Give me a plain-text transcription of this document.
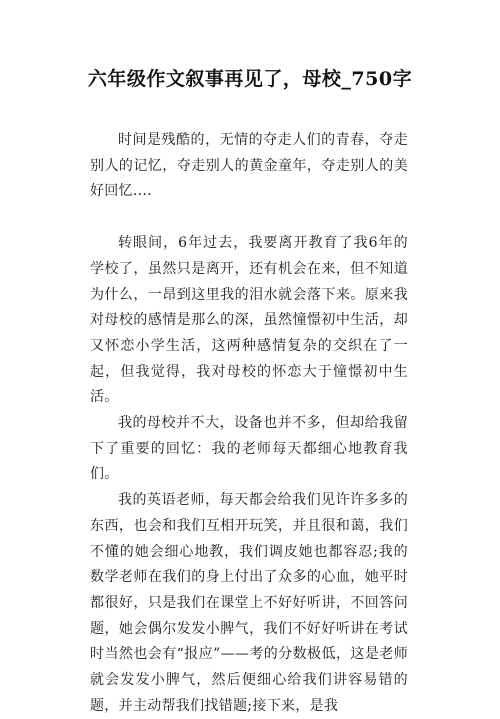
六年级作文叙事再见了，母校_750字

时间是残酷的，无情的夺走人们的青春，夺走别人的记忆，夺走别人的黄金童年，夺走别人的美好回忆....

转眼间，6年过去，我要离开教育了我6年的学校了，虽然只是离开，还有机会在来，但不知道为什么，一昂到这里我的泪水就会落下来。原来我对母校的感情是那么的深，虽然憧憬初中生活，却又怀恋小学生活，这两种感情复杂的交织在了一起，但我觉得，我对母校的怀恋大于憧憬初中生活。

我的母校并不大，设备也并不多，但却给我留下了重要的回忆：我的老师每天都细心地教育我们。

我的英语老师，每天都会给我们见许许多多的东西，也会和我们互相开玩笑，并且很和蔼，我们不懂的她会细心地教，我们调皮她也都容忍;我的数学老师在我们的身上付出了众多的心血，她平时都很好，只是我们在课堂上不好好听讲，不回答问题，她会偶尔发发小脾气，我们不好好听讲在考试时当然也会有“报应”——考的分数极低，这是老师就会发发小脾气，然后便细心给我们讲容易错的题，并主动帮我们找错题;接下来，是我
